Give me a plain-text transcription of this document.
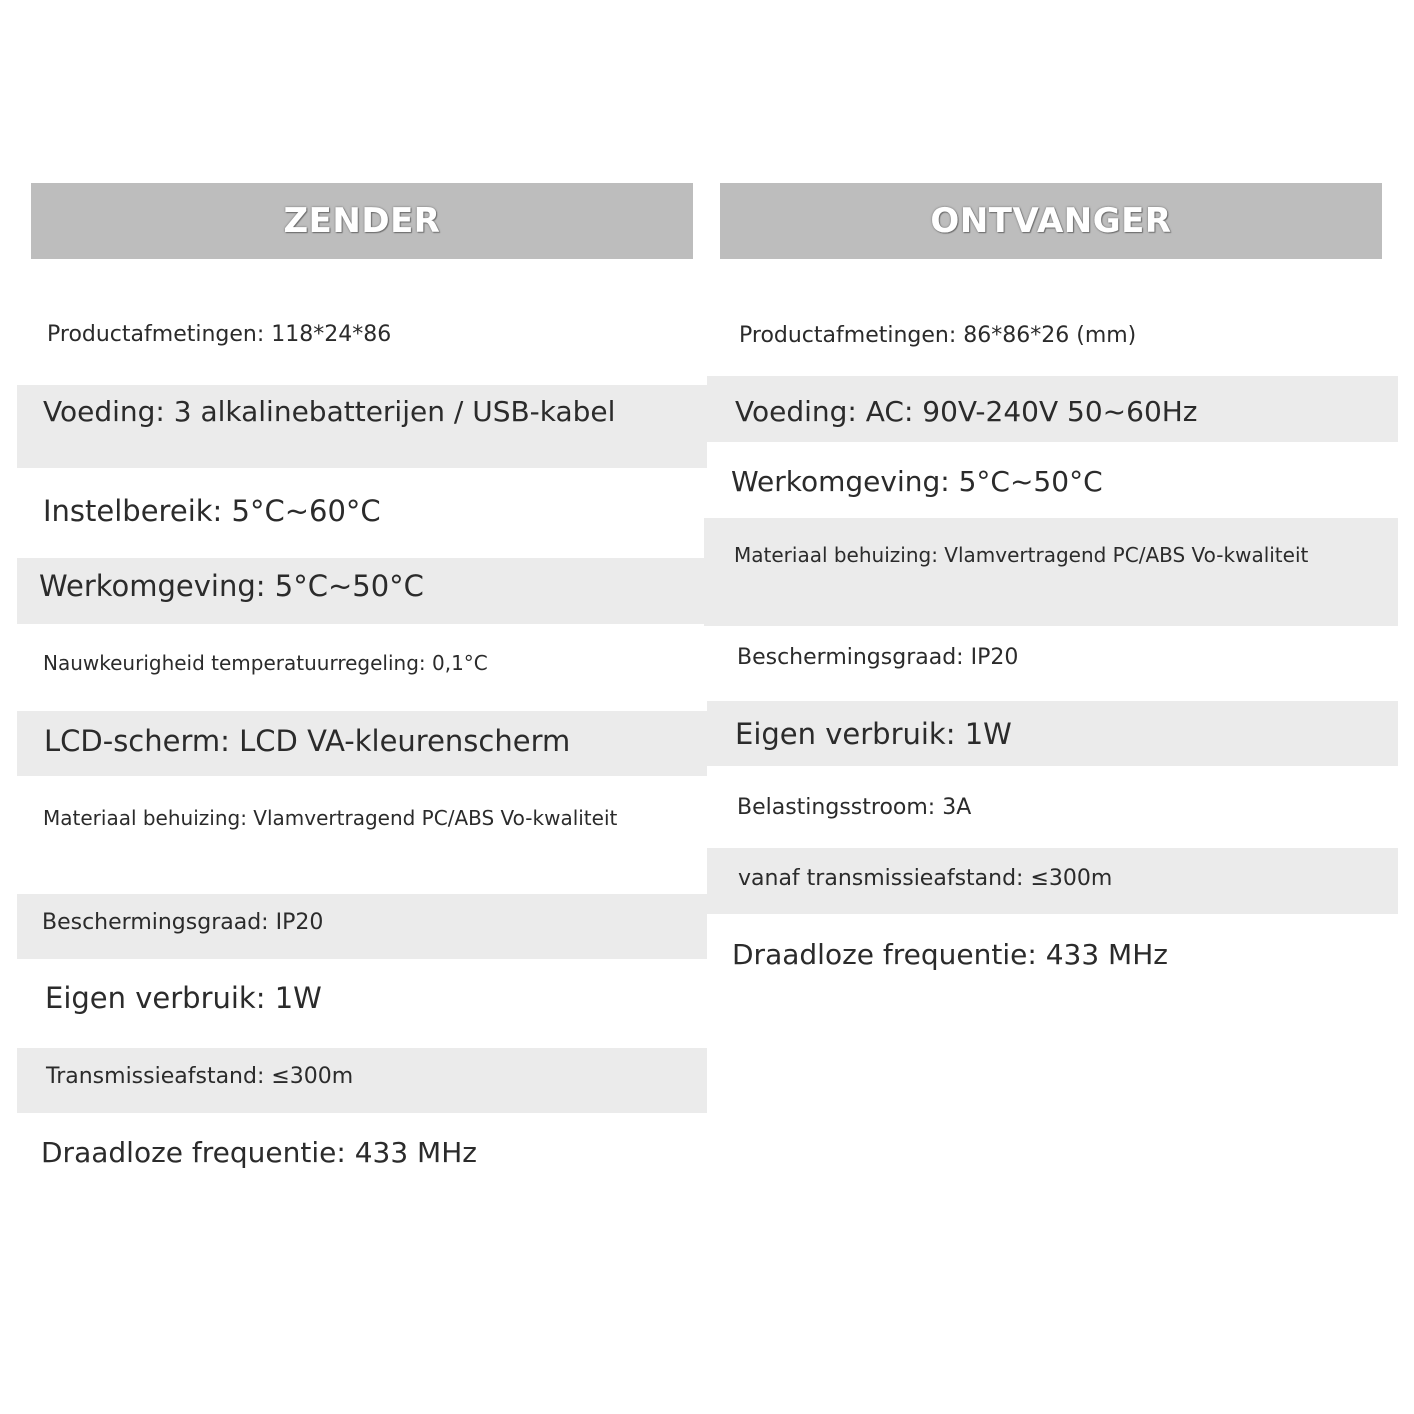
ZENDER	ONTVANGER
Productafmetingen: 118*24*86
Voeding: 3 alkalinebatterijen / USB-kabel
Instelbereik: 5°C~60°C
Werkomgeving: 5°C~50°C
Nauwkeurigheid temperatuurregeling: 0,1°C
LCD-scherm: LCD VA-kleurenscherm
Materiaal behuizing: Vlamvertragend PC/ABS Vo-kwaliteit
Beschermingsgraad: IP20
Eigen verbruik: 1W
Transmissieafstand: ≤300m
Draadloze frequentie: 433 MHz
Productafmetingen: 86*86*26 (mm)
Voeding: AC: 90V-240V 50~60Hz
Werkomgeving: 5°C~50°C
Materiaal behuizing: Vlamvertragend PC/ABS Vo-kwaliteit
Beschermingsgraad: IP20
Eigen verbruik: 1W
Belastingsstroom: 3A
vanaf transmissieafstand: ≤300m
Draadloze frequentie: 433 MHz
